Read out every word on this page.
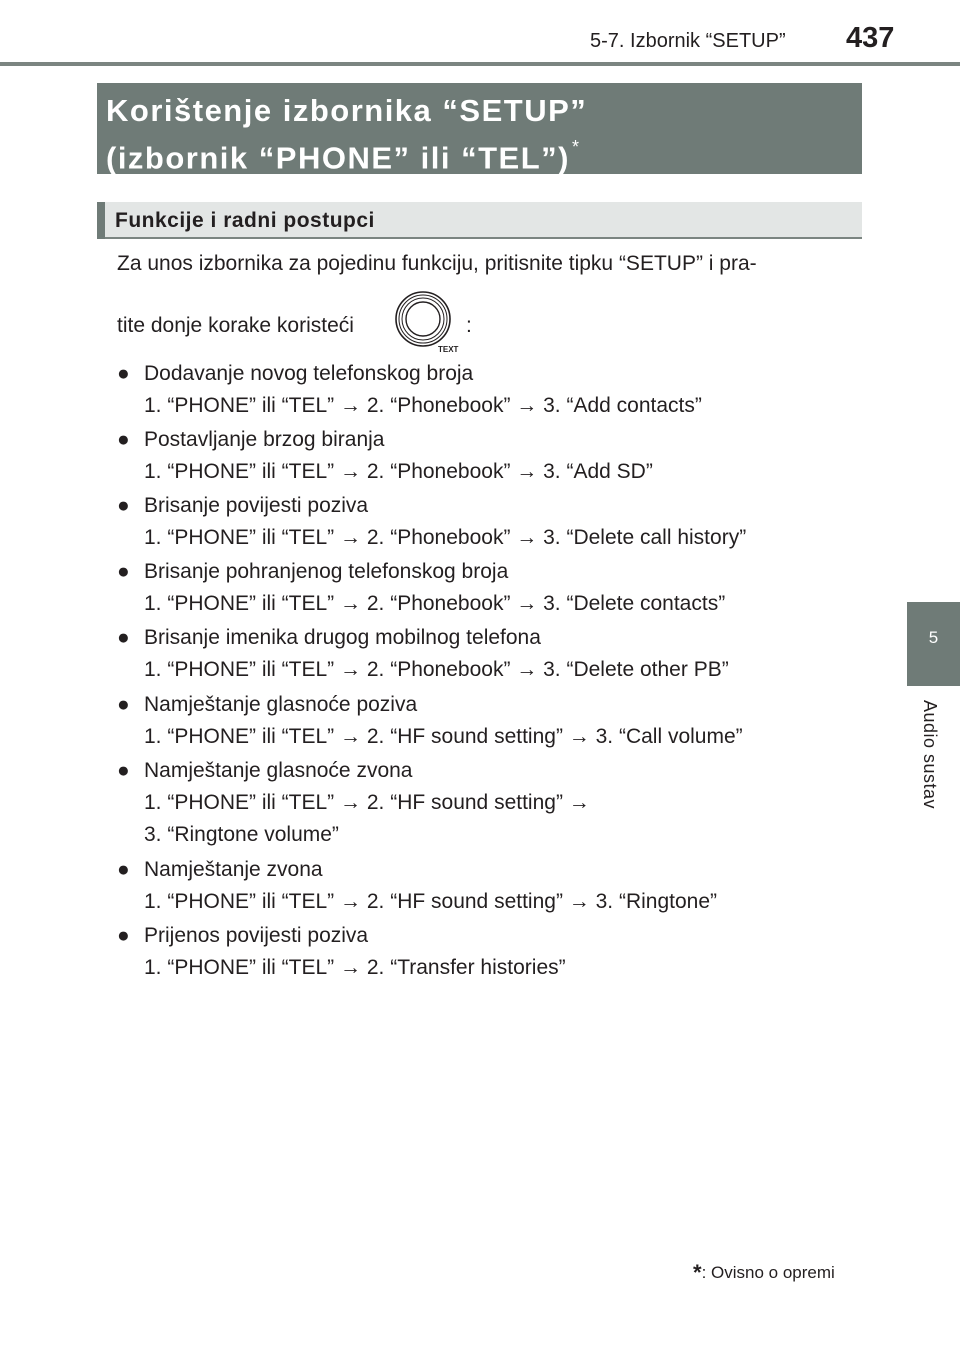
5-7. Izbornik “SETUP” 437
Korištenje izbornika “SETUP”
(izbornik “PHONE” ili “TEL”) *
Funkcije i radni postupci
Za unos izbornika za pojedinu funkciju, pritisnite tipku “SETUP” i pra-
tite donje korake koristeći
TEXT
:
● Dodavanje novog telefonskog broja
1. “PHONE” ili “TEL” → 2. “Phonebook” → 3. “Add contacts”
● Postavljanje brzog biranja
1. “PHONE” ili “TEL” → 2. “Phonebook” → 3. “Add SD”
● Brisanje povijesti poziva
1. “PHONE” ili “TEL” → 2. “Phonebook” → 3. “Delete call history”
● Brisanje pohranjenog telefonskog broja
1. “PHONE” ili “TEL” → 2. “Phonebook” → 3. “Delete contacts”
● Brisanje imenika drugog mobilnog telefona
1. “PHONE” ili “TEL” → 2. “Phonebook” → 3. “Delete other PB”
● Namještanje glasnoće poziva
1. “PHONE” ili “TEL” → 2. “HF sound setting” → 3. “Call volume”
● Namještanje glasnoće zvona
1. “PHONE” ili “TEL” → 2. “HF sound setting” →
3. “Ringtone volume”
● Namještanje zvona
1. “PHONE” ili “TEL” → 2. “HF sound setting” → 3. “Ringtone”
● Prijenos povijesti poziva
1. “PHONE” ili “TEL” → 2. “Transfer histories”
5
Audio sustav
*: Ovisno o opremi
